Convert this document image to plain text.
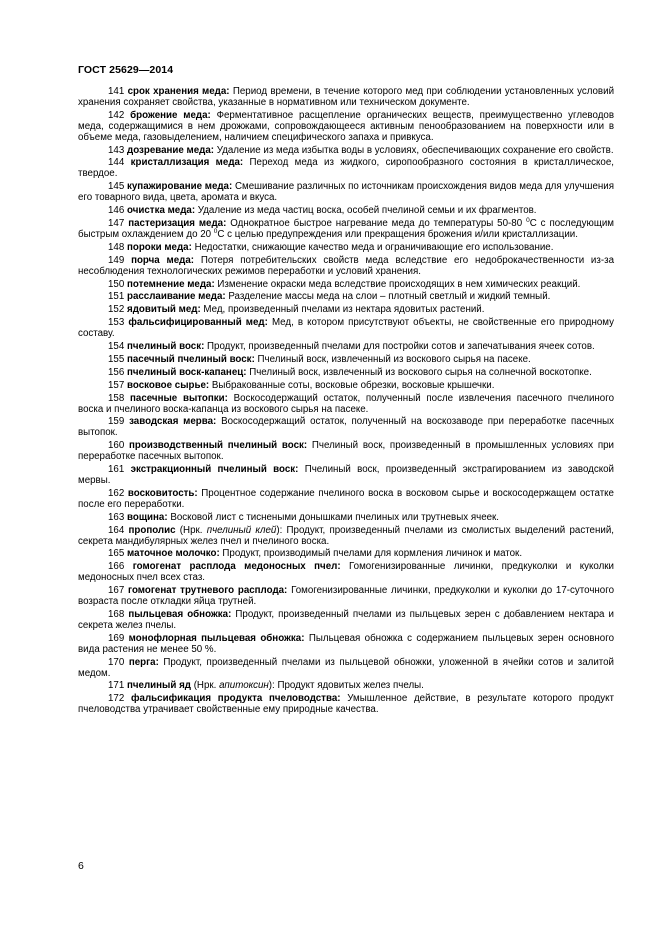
ГОСТ 25629—2014

141 срок хранения меда: Период времени, в течение которого мед при соблюдении установленных условий хранения сохраняет свойства, указанные в нормативном или техническом документе.

142 брожение меда: Ферментативное расщепление органических веществ, преимущественно углеводов меда, содержащимися в нем дрожжами, сопровождающееся активным пенообразованием на поверхности или в объеме меда, газовыделением, наличием специфического запаха и привкуса.

143 дозревание меда: Удаление из меда избытка воды в условиях, обеспечивающих сохранение его свойств.

144 кристаллизация меда: Переход меда из жидкого, сиропообразного состояния в кристаллическое, твердое.

145 купажирование меда: Смешивание различных по источникам происхождения видов меда для улучшения его товарного вида, цвета, аромата и вкуса.

146 очистка меда: Удаление из меда частиц воска, особей пчелиной семьи и их фрагментов.

147 пастеризация меда: Однократное быстрое нагревание меда до температуры 50-80 $^0$С с последующим быстрым охлаждением до 20 $^0$С с целью предупреждения или прекращения брожения и/или кристаллизации.

148 пороки меда: Недостатки, снижающие качество меда и ограничивающие его использование.

149 порча меда: Потеря потребительских свойств меда вследствие его недоброкачественности из-за несоблюдения технологических режимов переработки и условий хранения.

150 потемнение меда: Изменение окраски меда вследствие происходящих в нем химических реакций.

151 расслаивание меда: Разделение массы меда на слои – плотный светлый и жидкий темный.

152 ядовитый мед: Мед, произведенный пчелами из нектара ядовитых растений.

153 фальсифицированный мед: Мед, в котором присутствуют объекты, не свойственные его природному составу.

154 пчелиный воск: Продукт, произведенный пчелами для постройки сотов и запечатывания ячеек сотов.

155 пасечный пчелиный воск: Пчелиный воск, извлеченный из воскового сырья на пасеке.

156 пчелиный воск-капанец: Пчелиный воск, извлеченный из воскового сырья на солнечной воскотопке.

157 восковое сырье: Выбракованные соты, восковые обрезки, восковые крышечки.

158 пасечные вытопки: Воскосодержащий остаток, полученный после извлечения пасечного пчелиного воска и пчелиного воска-капанца из воскового сырья на пасеке.

159 заводская мерва: Воскосодержащий остаток, полученный на воскозаводе при переработке пасечных вытопок.

160 производственный пчелиный воск: Пчелиный воск, произведенный в промышленных условиях при переработке пасечных вытопок.

161 экстракционный пчелиный воск: Пчелиный воск, произведенный экстрагированием из заводской мервы.

162 восковитость: Процентное содержание пчелиного воска в восковом сырье и воскосодержащем остатке после его переработки.

163 вощина: Восковой лист с тиснеными донышками пчелиных или трутневых ячеек.

164 прополис (Нрк. пчелиный клей): Продукт, произведенный пчелами из смолистых выделений растений, секрета мандибулярных желез пчел и пчелиного воска.

165 маточное молочко: Продукт, производимый пчелами для кормления личинок и маток.

166 гомогенат расплода медоносных пчел: Гомогенизированные личинки, предкуколки и куколки медоносных пчел всех стаз.

167 гомогенат трутневого расплода: Гомогенизированные личинки, предкуколки и куколки до 17-суточного возраста после откладки яйца трутней.

168 пыльцевая обножка: Продукт, произведенный пчелами из пыльцевых зерен с добавлением нектара и секрета желез пчелы.

169 монофлорная пыльцевая обножка: Пыльцевая обножка с содержанием пыльцевых зерен основного вида растения не менее 50 %.

170 перга: Продукт, произведенный пчелами из пыльцевой обножки, уложенной в ячейки сотов и залитой медом.

171 пчелиный яд (Нрк. апитоксин): Продукт ядовитых желез пчелы.

172 фальсификация продукта пчеловодства: Умышленное действие, в результате которого продукт пчеловодства утрачивает свойственные ему природные качества.

6
